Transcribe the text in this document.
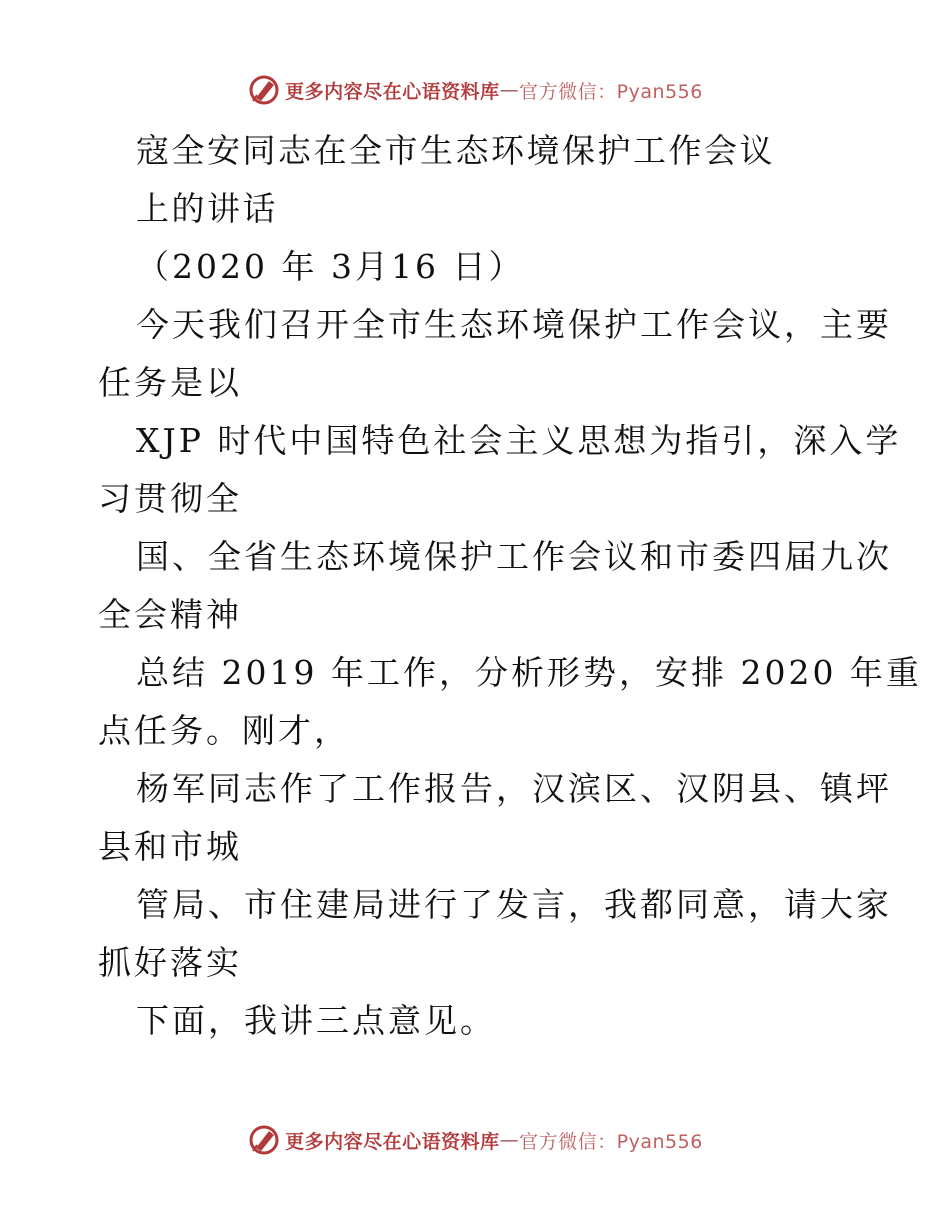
更多内容尽在心语资料库 — 官方微信：Pyan556
寇全安同志在全市生态环境保护工作会议
上的讲话
（2020 年 3月16 日）
今天我们召开全市生态环境保护工作会议，主要
任务是以
XJP 时代中国特色社会主义思想为指引，深入学
习贯彻全
国、全省生态环境保护工作会议和市委四届九次
全会精神
总结 2019 年工作，分析形势，安排 2020 年重
点任务。刚才，
杨军同志作了工作报告，汉滨区、汉阴县、镇坪
县和市城
管局、市住建局进行了发言，我都同意，请大家
抓好落实
下面，我讲三点意见。
更多内容尽在心语资料库 — 官方微信：Pyan556
